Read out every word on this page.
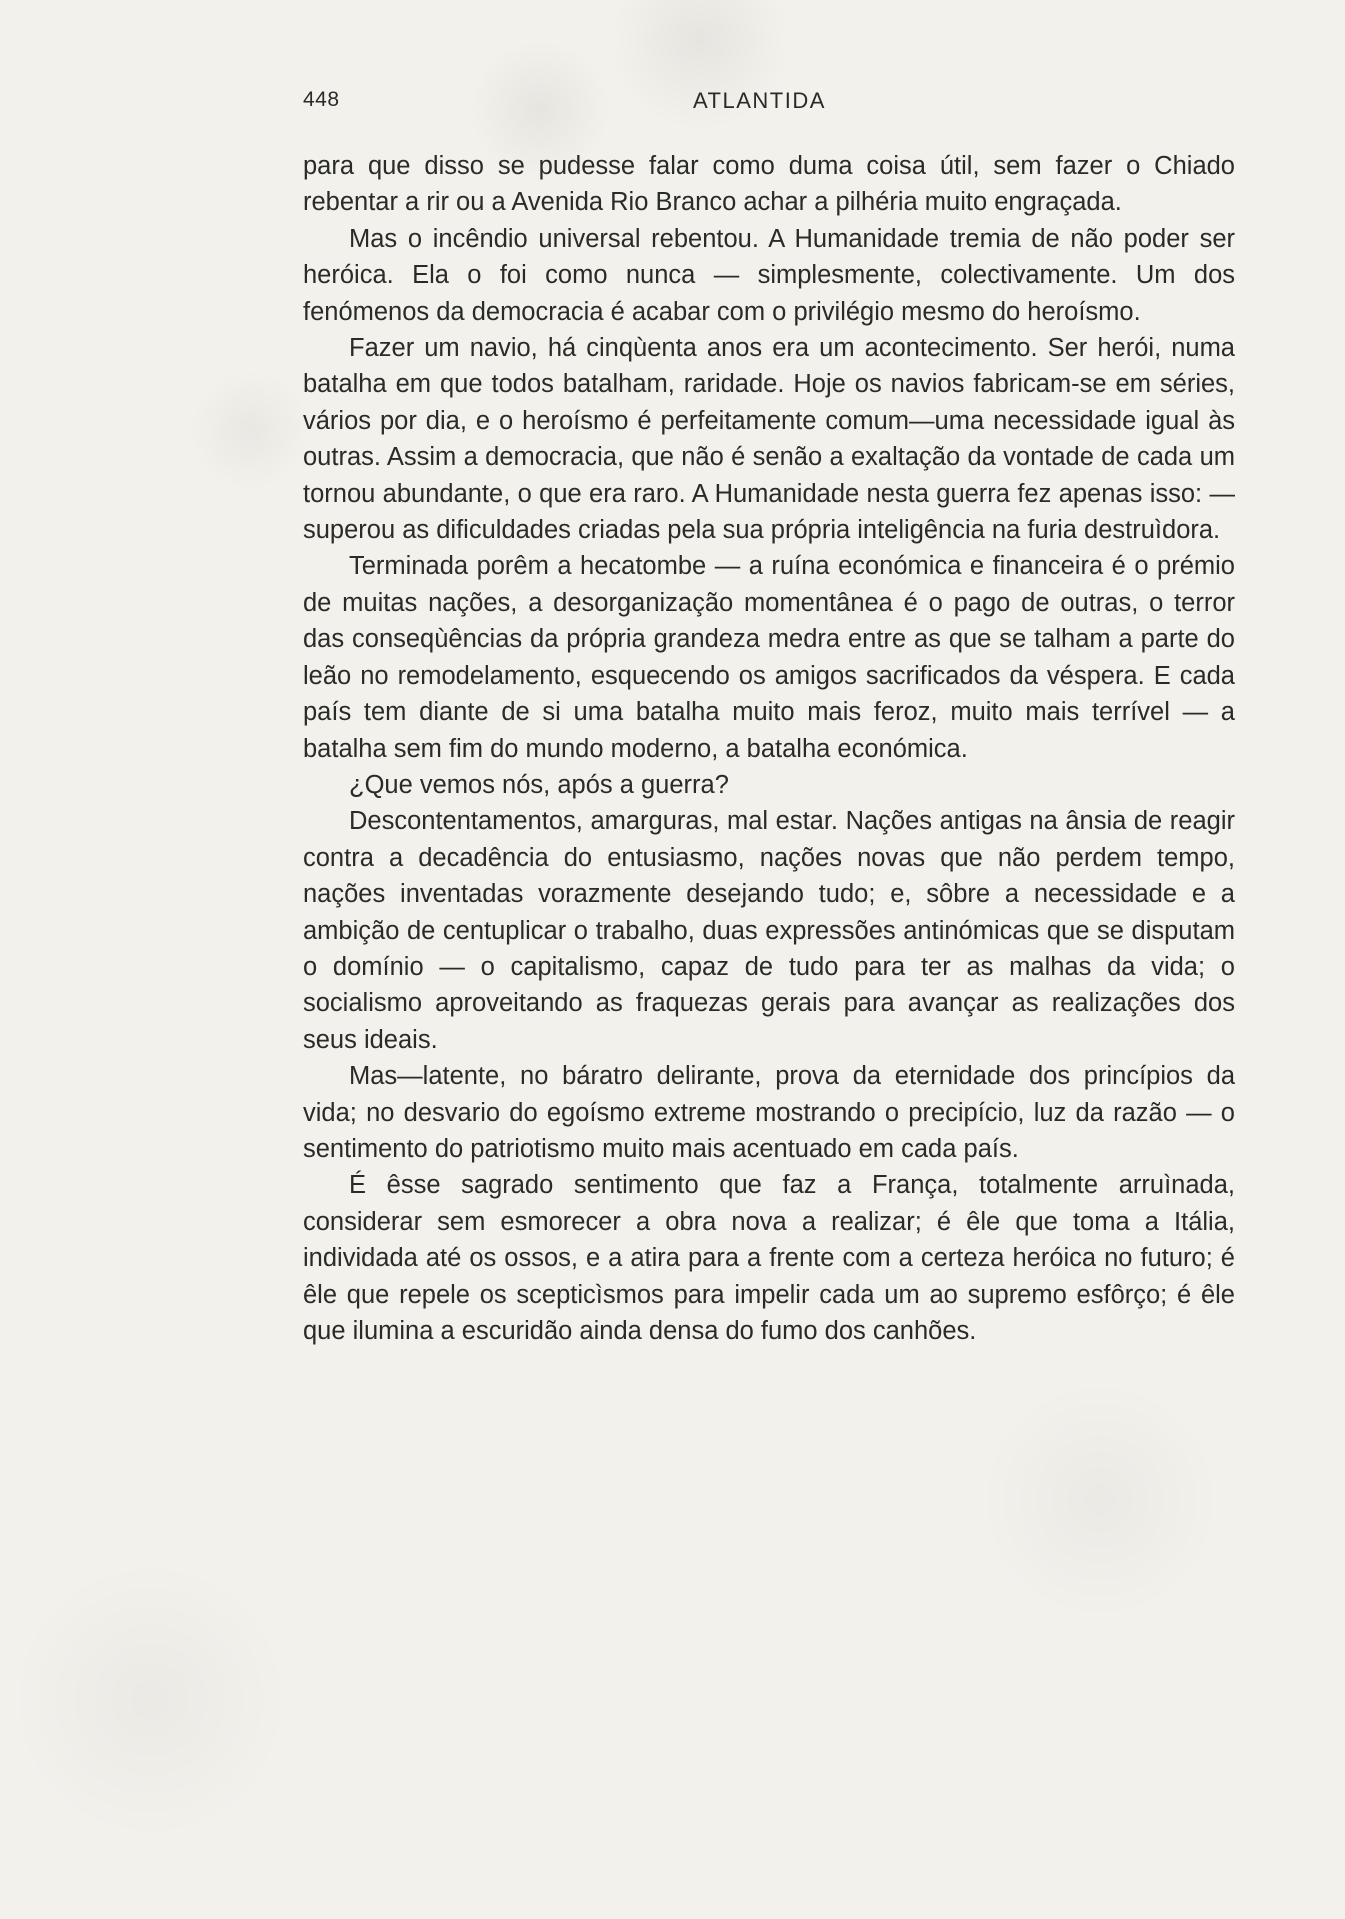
448	ATLANTIDA

para que disso se pudesse falar como duma coisa útil, sem fazer o Chiado rebentar a rir ou a Avenida Rio Branco achar a pilhéria muito engraçada.

Mas o incêndio universal rebentou. A Humanidade tremia de não poder ser heróica. Ela o foi como nunca — simplesmente, colectivamente. Um dos fenómenos da democracia é acabar com o privilégio mesmo do heroísmo.

Fazer um navio, há cinqùenta anos era um acontecimento. Ser herói, numa batalha em que todos batalham, raridade. Hoje os navios fabricam-se em séries, vários por dia, e o heroísmo é perfeitamente comum—uma necessidade igual às outras. Assim a democracia, que não é senão a exaltação da vontade de cada um tornou abundante, o que era raro. A Humanidade nesta guerra fez apenas isso: — superou as dificuldades criadas pela sua própria inteligência na furia destruìdora.

Terminada porêm a hecatombe — a ruína económica e financeira é o prémio de muitas nações, a desorganização momentânea é o pago de outras, o terror das conseqùências da própria grandeza medra entre as que se talham a parte do leão no remodelamento, esquecendo os amigos sacrificados da véspera. E cada país tem diante de si uma batalha muito mais feroz, muito mais terrível — a batalha sem fim do mundo moderno, a batalha económica.

¿Que vemos nós, após a guerra?

Descontentamentos, amarguras, mal estar. Nações antigas na ânsia de reagir contra a decadência do entusiasmo, nações novas que não perdem tempo, nações inventadas vorazmente desejando tudo; e, sôbre a necessidade e a ambição de centuplicar o trabalho, duas expressões antinómicas que se disputam o domínio — o capitalismo, capaz de tudo para ter as malhas da vida; o socialismo aproveitando as fraquezas gerais para avançar as realizações dos seus ideais.

Mas—latente, no báratro delirante, prova da eternidade dos princípios da vida; no desvario do egoísmo extreme mostrando o precipício, luz da razão — o sentimento do patriotismo muito mais acentuado em cada país.

É êsse sagrado sentimento que faz a França, totalmente arruìnada, considerar sem esmorecer a obra nova a realizar; é êle que toma a Itália, individada até os ossos, e a atira para a frente com a certeza heróica no futuro; é êle que repele os scepticìsmos para impelir cada um ao supremo esfôrço; é êle que ilumina a escuridão ainda densa do fumo dos canhões.
